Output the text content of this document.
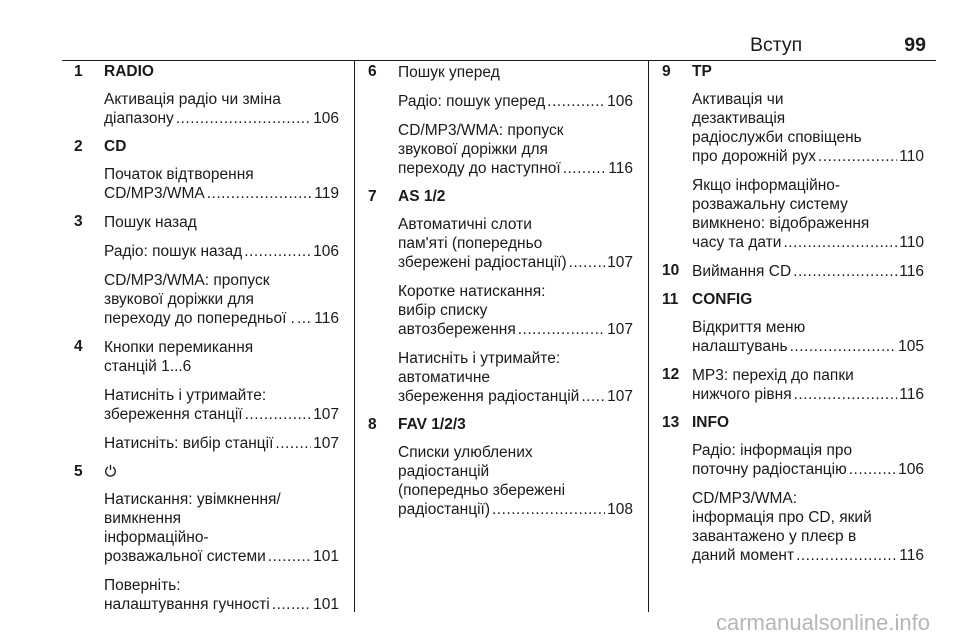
Вступ	99
1 RADIO
Активація радіо чи зміна
діапазону .....	106
2 CD
Початок відтворення
CD/MP3/WMA .....	119
3 Пошук назад
Радіо: пошук назад .....	106
CD/MP3/WMA: пропуск
звукової доріжки для
переходу до попередньої . ..... 116
4 Кнопки перемикання
станцій 1...6
Натисніть і утримайте:
збереження станції .....	107
Натисніть: вибір станції .....	107
5
Натискання: увімкнення/
вимкнення
інформаційно-
розважальної системи .....	101
Поверніть:
налаштування гучності .....	101
6 Пошук уперед
Радіо: пошук уперед .....	106
CD/MP3/WMA: пропуск
звукової доріжки для
переходу до наступної .....	116
7 AS 1/2
Автоматичні слоти
пам'яті (попередньо
збережені радіостанції) .....	107
Коротке натискання:
вибір списку
автозбереження .....	107
Натисніть і утримайте:
автоматичне
збереження радіостанцій ..... 107
8 FAV 1/2/3
Списки улюблених
радіостанцій
(попередньо збережені
радіостанції) .....	108
9 TP
Активація чи
дезактивація
радіослужби сповіщень
про дорожній рух .....	110
Якщо інформаційно-
розважальну систему
вимкнено: відображення
часу та дати .....	110
10 Виймання CD .....	116
11 CONFIG
Відкриття меню
налаштувань .....	105
12 MP3: перехід до папки
нижчого рівня .....	116
13 INFO
Радіо: інформація про
поточну радіостанцію .....	106
CD/MP3/WMA:
інформація про CD, який
завантажено у плеєр в
даний момент .....	116
carmanualsonline.info
